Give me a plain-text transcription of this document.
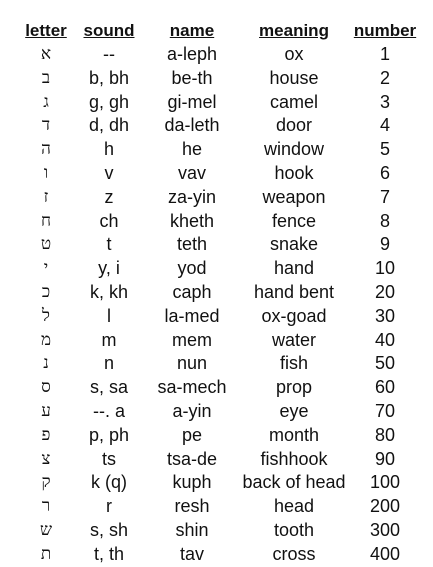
letter	sound	name	meaning	number
א	--	a-leph	ox	1
ב	b, bh	be-th	house	2
ג	g, gh	gi-mel	camel	3
ד	d, dh	da-leth	door	4
ה	h	he	window	5
ו	v	vav	hook	6
ז	z	za-yin	weapon	7
ח	ch	kheth	fence	8
ט	t	teth	snake	9
י	y, i	yod	hand	10
כ	k, kh	caph	hand bent	20
ל	l	la-med	ox-goad	30
מ	m	mem	water	40
נ	n	nun	fish	50
ס	s, sa	sa-mech	prop	60
ע	--. a	a-yin	eye	70
פ	p, ph	pe	month	80
צ	ts	tsa-de	fishhook	90
ק	k (q)	kuph	back of head	100
ר	r	resh	head	200
ש	s, sh	shin	tooth	300
ת	t, th	tav	cross	400
